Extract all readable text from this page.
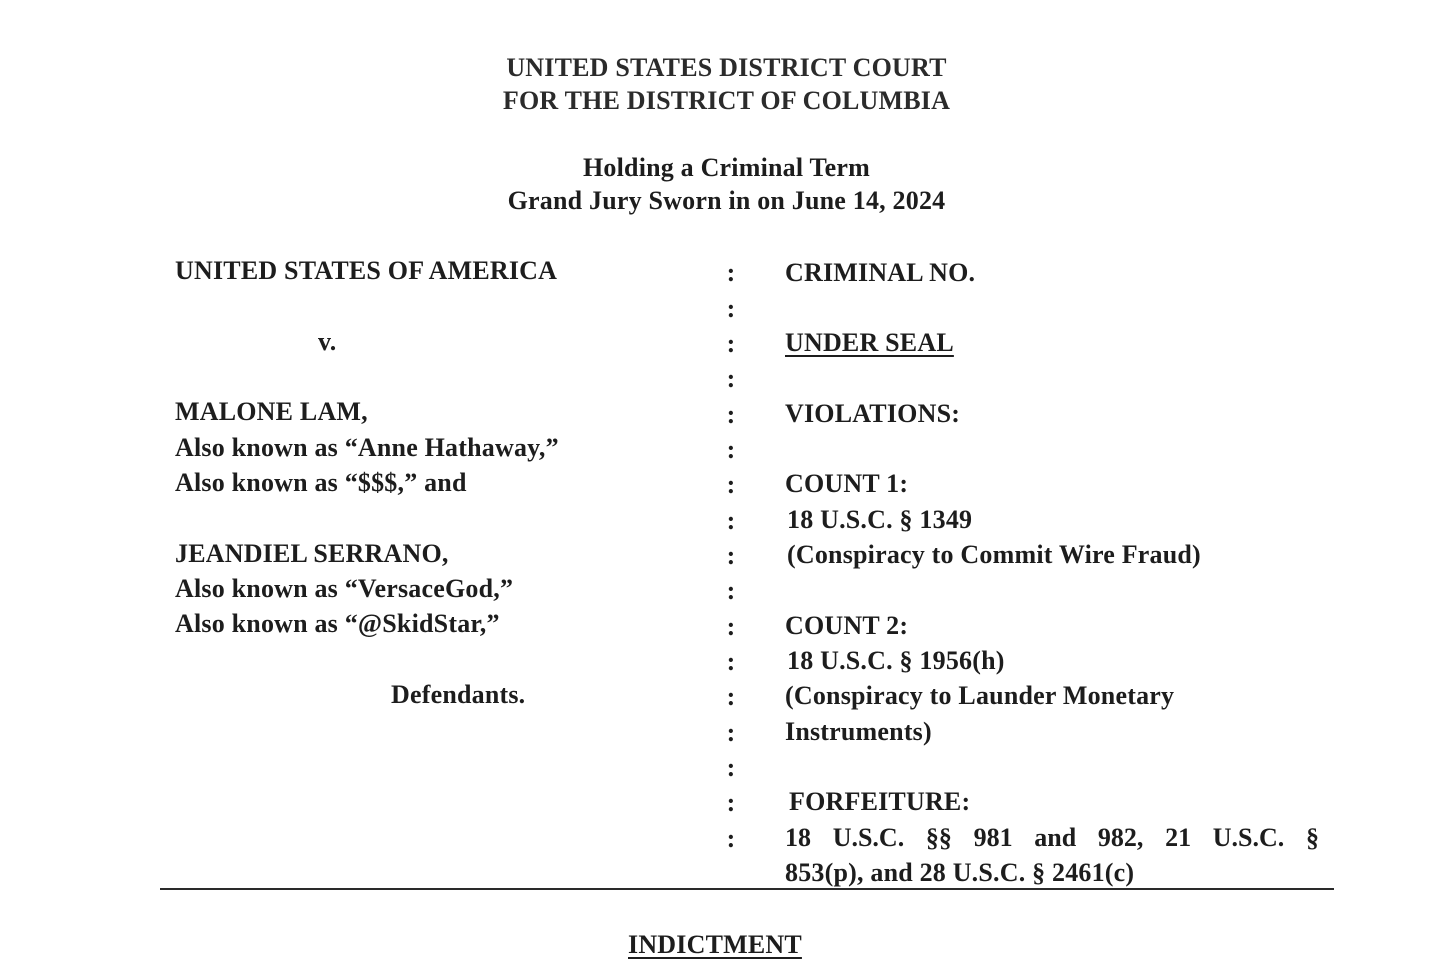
UNITED STATES DISTRICT COURT
FOR THE DISTRICT OF COLUMBIA
Holding a Criminal Term
Grand Jury Sworn in on June 14, 2024
UNITED STATES OF AMERICA
v.
MALONE LAM,
Also known as “Anne Hathaway,”
Also known as “$$$,” and
JEANDIEL SERRANO,
Also known as “VersaceGod,”
Also known as “@SkidStar,”
Defendants.
:
:
:
:
:
:
:
:
:
:
:
:
:
:
:
:
:
CRIMINAL NO.
UNDER SEAL
VIOLATIONS:
COUNT 1:
18 U.S.C. § 1349
(Conspiracy to Commit Wire Fraud)
COUNT 2:
18 U.S.C. § 1956(h)
(Conspiracy to Launder Monetary
Instruments)
FORFEITURE:
18 U.S.C. §§ 981 and 982, 21 U.S.C. §
853(p), and 28 U.S.C. § 2461(c)
INDICTMENT
